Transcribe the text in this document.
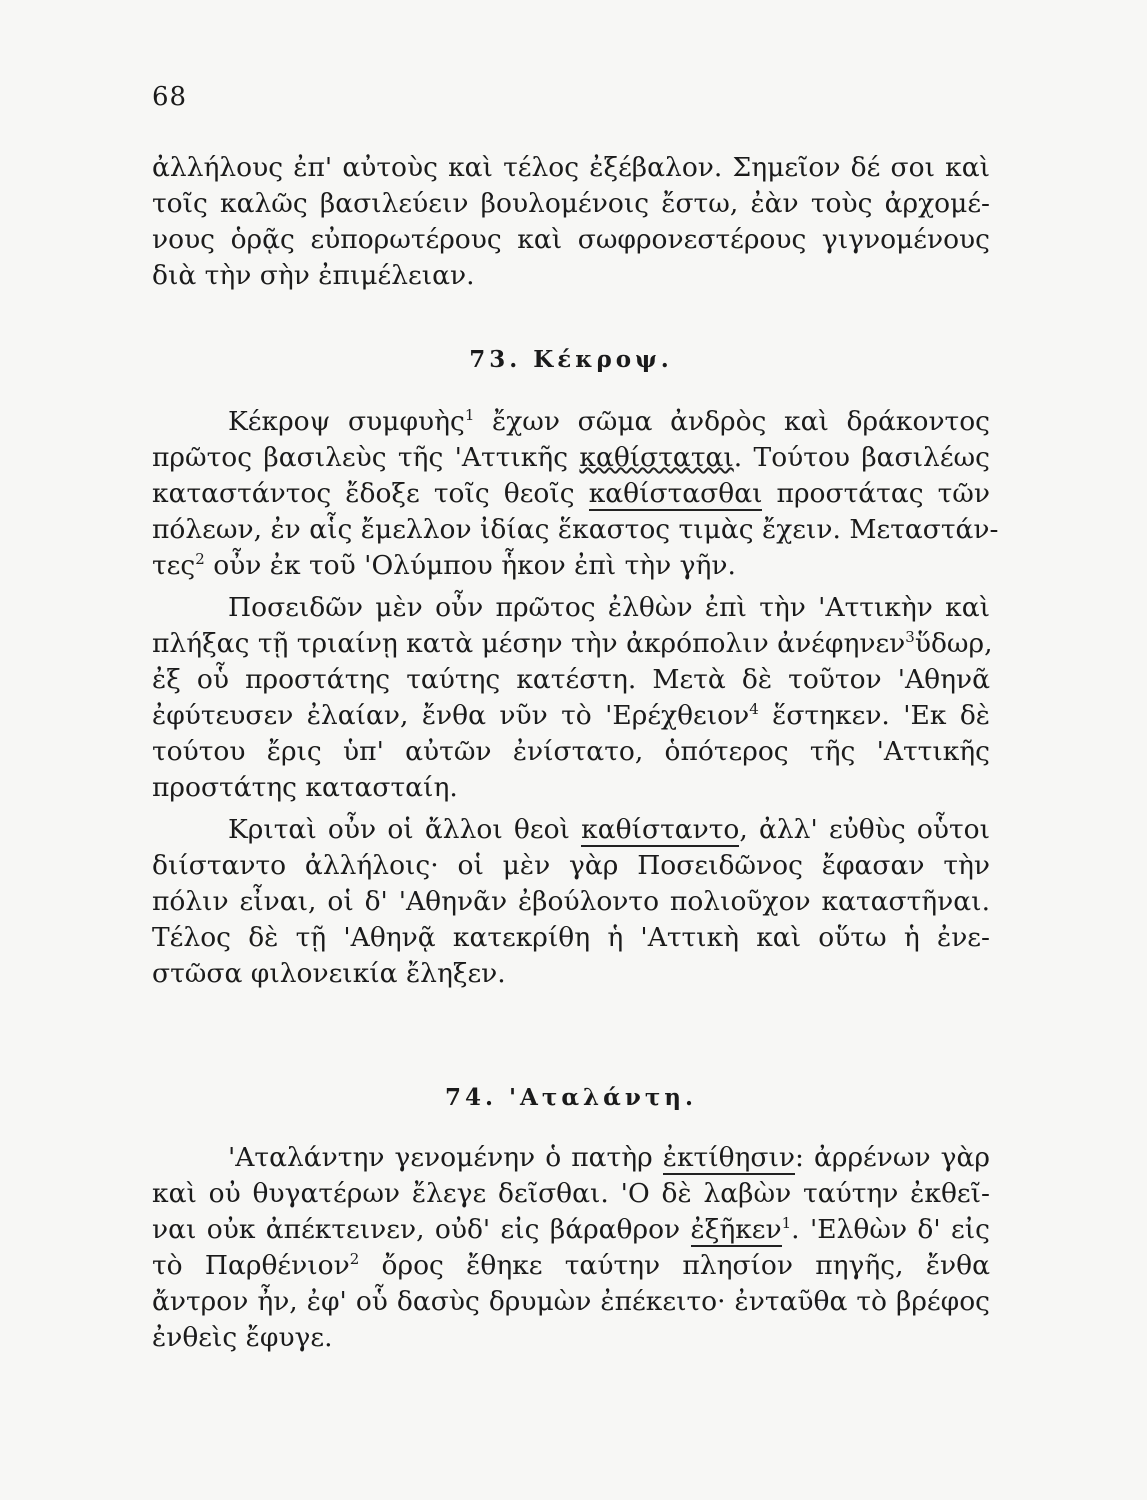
68
ἀλλήλους ἐπ' αὐτοὺς καὶ τέλος ἐξέβαλον. Σημεῖον δέ σοι καὶ
τοῖς καλῶς βασιλεύειν βουλομένοις ἔστω, ἐὰν τοὺς ἀρχομέ-
νους ὁρᾷς εὐπορωτέρους καὶ σωφρονεστέρους γιγνομένους
διὰ τὴν σὴν ἐπιμέλειαν.
73. Κέκροψ.
Κέκροψ συμφυὴς$^1$ ἔχων σῶμα ἀνδρὸς καὶ δράκοντος
πρῶτος βασιλεὺς τῆς 'Αττικῆς καθίσταται. Τούτου βασιλέως
καταστάντος ἔδοξε τοῖς θεοῖς καθίστασθαι προστάτας τῶν
πόλεων, ἐν αἷς ἔμελλον ἰδίας ἕκαστος τιμὰς ἔχειν. Μεταστάν-
τες$^2$ οὖν ἐκ τοῦ 'Ολύμπου ἧκον ἐπὶ τὴν γῆν.
Ποσειδῶν μὲν οὖν πρῶτος ἐλθὼν ἐπὶ τὴν 'Αττικὴν καὶ
πλήξας τῇ τριαίνῃ κατὰ μέσην τὴν ἀκρόπολιν ἀνέφηνεν$^3$ὕδωρ,
ἐξ οὗ προστάτης ταύτης κατέστη. Μετὰ δὲ τοῦτον 'Αθηνᾶ
ἐφύτευσεν ἐλαίαν, ἔνθα νῦν τὸ 'Ερέχθειον$^4$ ἕστηκεν. 'Εκ δὲ
τούτου ἔρις ὑπ' αὐτῶν ἐνίστατο, ὁπότερος τῆς 'Αττικῆς
προστάτης κατασταίη.
Κριταὶ οὖν οἱ ἄλλοι θεοὶ καθίσταντο, ἀλλ' εὐθὺς οὗτοι
διίσταντο ἀλλήλοις· οἱ μὲν γὰρ Ποσειδῶνος ἔφασαν τὴν
πόλιν εἶναι, οἱ δ' 'Αθηνᾶν ἐβούλοντο πολιοῦχον καταστῆναι.
Τέλος δὲ τῇ 'Αθηνᾷ κατεκρίθη ἡ 'Αττικὴ καὶ οὕτω ἡ ἐνε-
στῶσα φιλονεικία ἔληξεν.
74. 'Αταλάντη.
'Αταλάντην γενομένην ὁ πατὴρ ἐκτίθησιν: ἀρρένων γὰρ
καὶ οὐ θυγατέρων ἔλεγε δεῖσθαι. 'Ο δὲ λαβὼν ταύτην ἐκθεῖ-
ναι οὐκ ἀπέκτεινεν, οὐδ' εἰς βάραθρον ἐξῆκεν$^1$. 'Ελθὼν δ' εἰς
τὸ Παρθένιον$^2$ ὄρος ἔθηκε ταύτην πλησίον πηγῆς, ἔνθα
ἄντρον ἦν, ἐφ' οὗ δασὺς δρυμὼν ἐπέκειτο· ἐνταῦθα τὸ βρέφος
ἐνθεὶς ἔφυγε.
